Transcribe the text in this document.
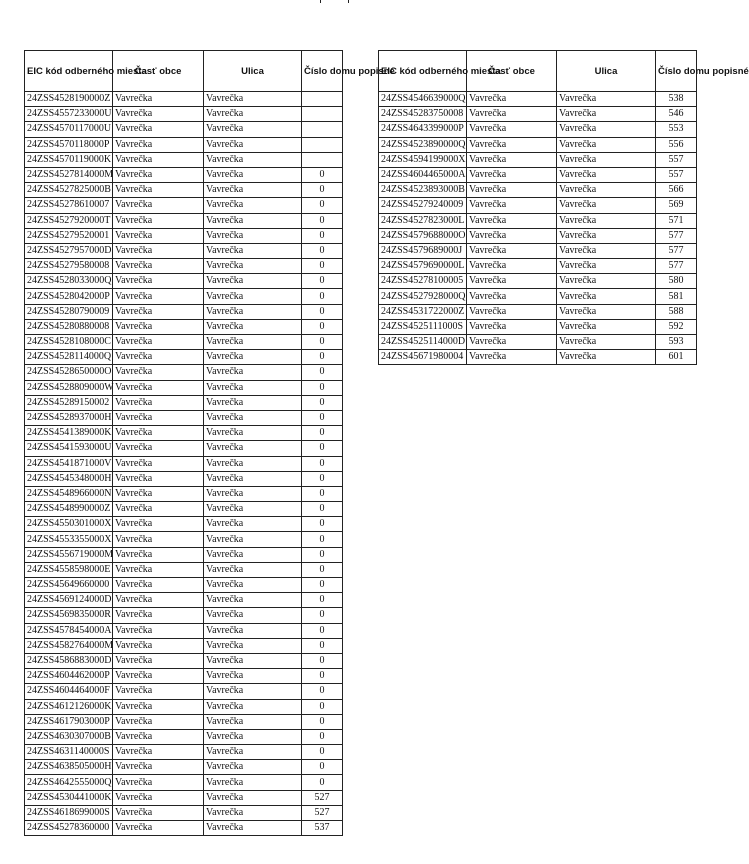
EIC kód odberného miesta	Časť obce	Ulica	Číslo domu popisné
24ZSS4528190000Z	Vavrečka	Vavrečka	
24ZSS4557233000U	Vavrečka	Vavrečka	
24ZSS4570117000U	Vavrečka	Vavrečka	
24ZSS4570118000P	Vavrečka	Vavrečka	
24ZSS4570119000K	Vavrečka	Vavrečka	
24ZSS4527814000M	Vavrečka	Vavrečka	0
24ZSS4527825000B	Vavrečka	Vavrečka	0
24ZSS45278610007	Vavrečka	Vavrečka	0
24ZSS4527920000T	Vavrečka	Vavrečka	0
24ZSS45279520001	Vavrečka	Vavrečka	0
24ZSS4527957000D	Vavrečka	Vavrečka	0
24ZSS45279580008	Vavrečka	Vavrečka	0
24ZSS4528033000Q	Vavrečka	Vavrečka	0
24ZSS4528042000P	Vavrečka	Vavrečka	0
24ZSS45280790009	Vavrečka	Vavrečka	0
24ZSS45280880008	Vavrečka	Vavrečka	0
24ZSS4528108000C	Vavrečka	Vavrečka	0
24ZSS4528114000Q	Vavrečka	Vavrečka	0
24ZSS4528650000O	Vavrečka	Vavrečka	0
24ZSS4528809000W	Vavrečka	Vavrečka	0
24ZSS45289150002	Vavrečka	Vavrečka	0
24ZSS4528937000H	Vavrečka	Vavrečka	0
24ZSS4541389000K	Vavrečka	Vavrečka	0
24ZSS4541593000U	Vavrečka	Vavrečka	0
24ZSS4541871000V	Vavrečka	Vavrečka	0
24ZSS4545348000H	Vavrečka	Vavrečka	0
24ZSS4548966000N	Vavrečka	Vavrečka	0
24ZSS4548990000Z	Vavrečka	Vavrečka	0
24ZSS4550301000X	Vavrečka	Vavrečka	0
24ZSS4553355000X	Vavrečka	Vavrečka	0
24ZSS4556719000M	Vavrečka	Vavrečka	0
24ZSS4558598000E	Vavrečka	Vavrečka	0
24ZSS45649660000	Vavrečka	Vavrečka	0
24ZSS4569124000D	Vavrečka	Vavrečka	0
24ZSS4569835000R	Vavrečka	Vavrečka	0
24ZSS4578454000A	Vavrečka	Vavrečka	0
24ZSS4582764000M	Vavrečka	Vavrečka	0
24ZSS4586883000D	Vavrečka	Vavrečka	0
24ZSS4604462000P	Vavrečka	Vavrečka	0
24ZSS4604464000F	Vavrečka	Vavrečka	0
24ZSS4612126000K	Vavrečka	Vavrečka	0
24ZSS4617903000P	Vavrečka	Vavrečka	0
24ZSS4630307000B	Vavrečka	Vavrečka	0
24ZSS4631140000S	Vavrečka	Vavrečka	0
24ZSS4638505000H	Vavrečka	Vavrečka	0
24ZSS4642555000Q	Vavrečka	Vavrečka	0
24ZSS4530441000K	Vavrečka	Vavrečka	527
24ZSS4618699000S	Vavrečka	Vavrečka	527
24ZSS45278360000	Vavrečka	Vavrečka	537
EIC kód odberného miesta	Časť obce	Ulica	Číslo domu popisné
24ZSS4546639000Q	Vavrečka	Vavrečka	538
24ZSS45283750008	Vavrečka	Vavrečka	546
24ZSS4643399000P	Vavrečka	Vavrečka	553
24ZSS4523890000Q	Vavrečka	Vavrečka	556
24ZSS4594199000X	Vavrečka	Vavrečka	557
24ZSS4604465000A	Vavrečka	Vavrečka	557
24ZSS4523893000B	Vavrečka	Vavrečka	566
24ZSS45279240009	Vavrečka	Vavrečka	569
24ZSS4527823000L	Vavrečka	Vavrečka	571
24ZSS4579688000O	Vavrečka	Vavrečka	577
24ZSS4579689000J	Vavrečka	Vavrečka	577
24ZSS4579690000L	Vavrečka	Vavrečka	577
24ZSS45278100005	Vavrečka	Vavrečka	580
24ZSS4527928000Q	Vavrečka	Vavrečka	581
24ZSS4531722000Z	Vavrečka	Vavrečka	588
24ZSS4525111000S	Vavrečka	Vavrečka	592
24ZSS4525114000D	Vavrečka	Vavrečka	593
24ZSS45671980004	Vavrečka	Vavrečka	601
